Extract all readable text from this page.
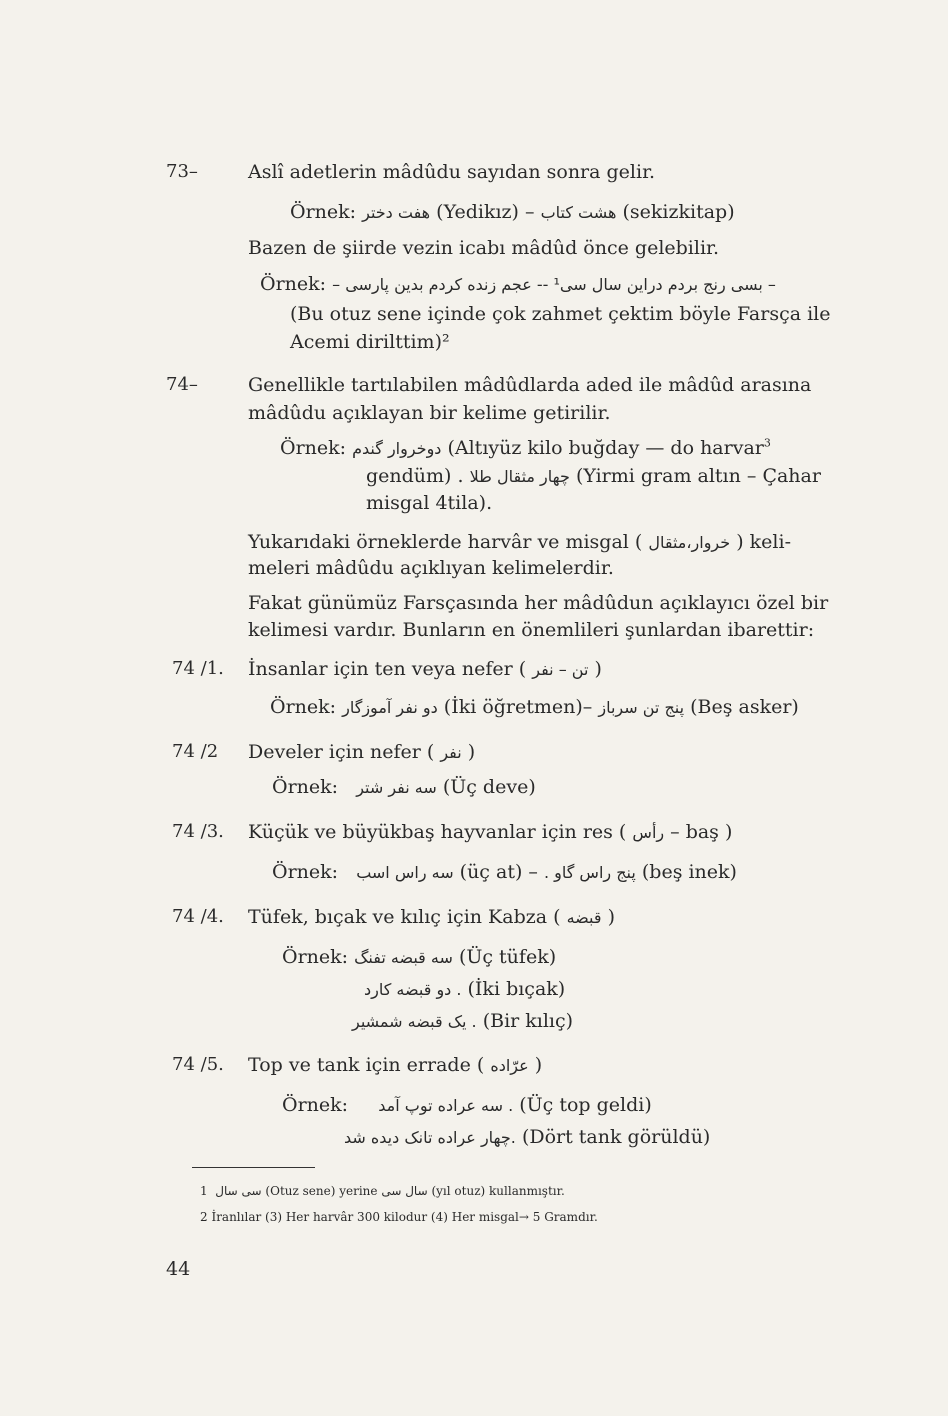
73–	Aslî adetlerin mâdûdu sayıdan sonra gelir.
Örnek: هفت دختر (Yedikız) – هشت کتاب (sekizkitap)
Bazen de şiirde vezin icabı mâdûd önce gelebilir.
Örnek: – بسی رنج بردم دراین سال سی¹ -- عجم زنده کردم بدین پارسی –
(Bu otuz sene içinde çok zahmet çektim böyle Farsça ile
Acemi dirilttim)²
74–	Genellikle tartılabilen mâdûdlarda aded ile mâdûd arasına
mâdûdu açıklayan bir kelime getirilir.
Örnek: دوخروار گندم (Altıyüz kilo buğday — do harvar$^3$
gendüm) . چهار مثقال طلا (Yirmi gram altın – Çahar
misgal 4tila).
Yukarıdaki örneklerde harvâr ve misgal ( خروار،مثقال ) keli-
meleri mâdûdu açıklıyan kelimelerdir.
Fakat günümüz Farsçasında her mâdûdun açıklayıcı özel bir
kelimesi vardır. Bunların en önemlileri şunlardan ibarettir:
74 /1. İnsanlar için ten veya nefer ( تن – نفر )
Örnek: دو نفر آموزگار (İki öğretmen)– پنج تن سرباز (Beş asker)
74 /2 Develer için nefer ( نفر )
Örnek: سه نفر شتر (Üç deve)
74 /3. Küçük ve büyükbaş hayvanlar için res ( رأس – baş )
Örnek: سه راس اسب (üç at) – پنج راس گاو . (beş inek)
74 /4. Tüfek, bıçak ve kılıç için Kabza ( قبضه )
Örnek: سه قبضه تفنگ (Üç tüfek)
. دو قبضه کارد (İki bıçak)
. یک قبضه شمشیر (Bir kılıç)
74 /5. Top ve tank için errade ( عرّاده )
Örnek: . سه عراده توپ آمد (Üç top geldi)
.چهار عراده تانک دیده شد (Dört tank görüldü)
1 سی سال (Otuz sene) yerine سال سی (yıl otuz) kullanmıştır.
2 İranlılar (3) Her harvâr 300 kilodur (4) Her misgal→ 5 Gramdır.
44
